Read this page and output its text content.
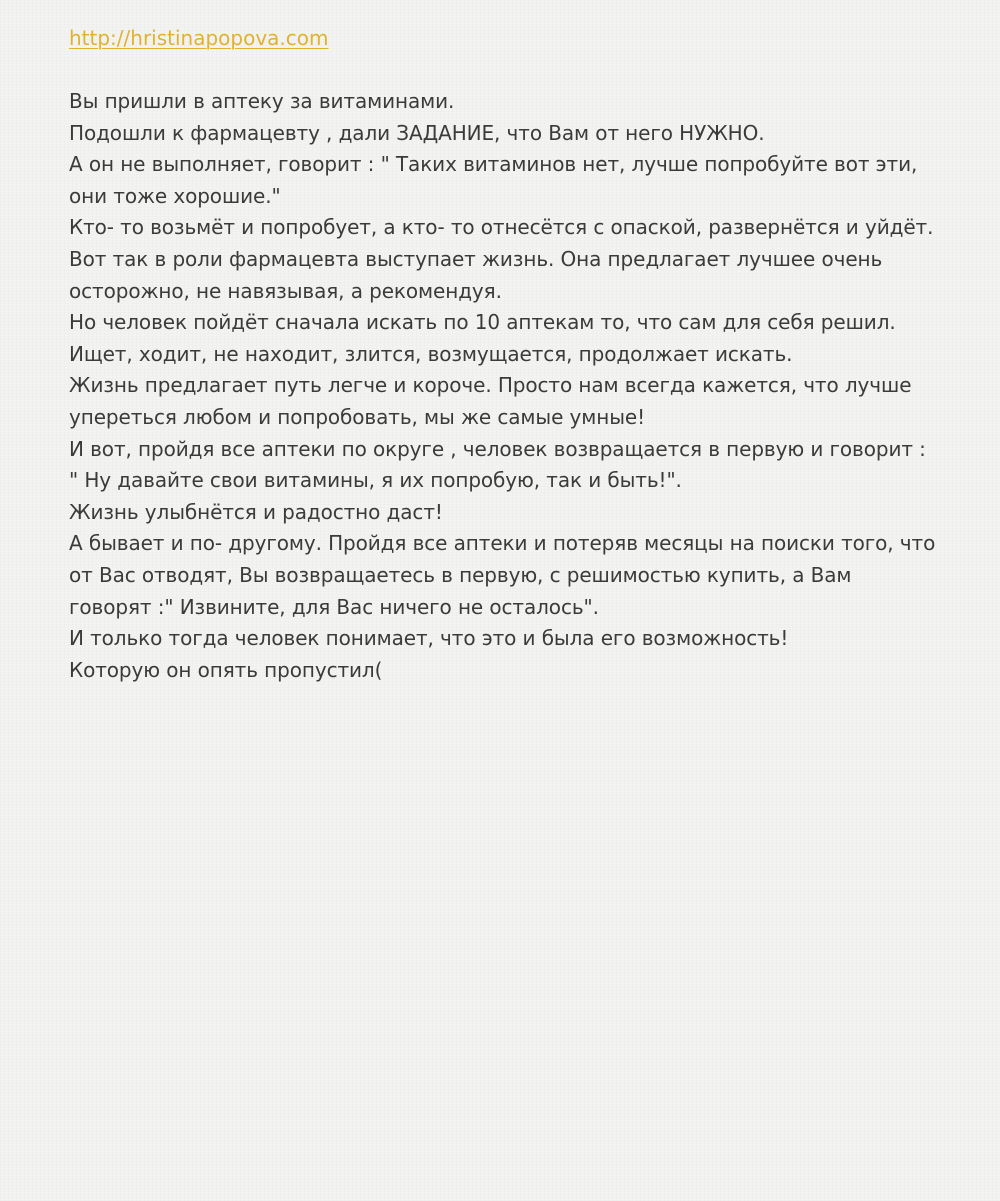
http://hristinapopova.com
Вы пришли в аптеку за витаминами.
Подошли к фармацевту , дали ЗАДАНИЕ, что Вам от него НУЖНО.
А он не выполняет, говорит : " Таких витаминов нет, лучше попробуйте вот эти,
они тоже хорошие."
Кто- то возьмёт и попробует, а кто- то отнесётся с опаской, развернётся и уйдёт.
Вот так в роли фармацевта выступает жизнь. Она предлагает лучшее очень
осторожно, не навязывая, а рекомендуя.
Но человек пойдёт сначала искать по 10 аптекам то, что сам для себя решил.
Ищет, ходит, не находит, злится, возмущается, продолжает искать.
Жизнь предлагает путь легче и короче. Просто нам всегда кажется, что лучше
упереться любом и попробовать, мы же самые умные!
И вот, пройдя все аптеки по округе , человек возвращается в первую и говорит :
" Ну давайте свои витамины, я их попробую, так и быть!".
Жизнь улыбнётся и радостно даст!
А бывает и по- другому. Пройдя все аптеки и потеряв месяцы на поиски того, что
от Вас отводят, Вы возвращаетесь в первую, с решимостью купить, а Вам
говорят :" Извините, для Вас ничего не осталось".
И только тогда человек понимает, что это и была его возможность!
Которую он опять пропустил(
